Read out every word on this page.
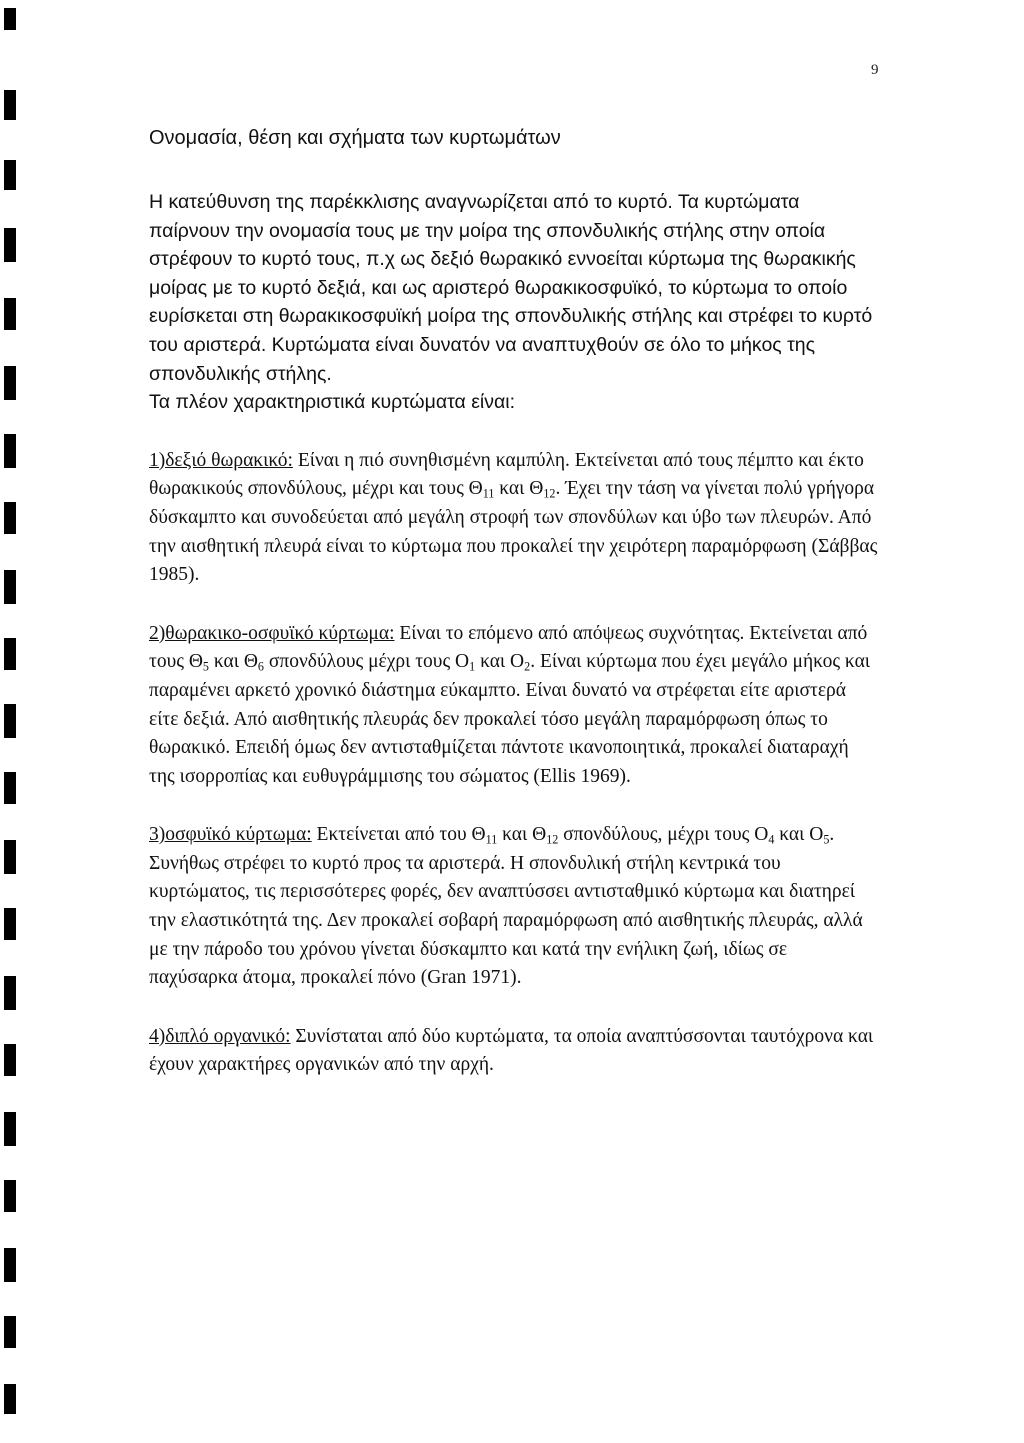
9
Ονομασία, θέση και σχήματα των κυρτωμάτων

Η κατεύθυνση της παρέκκλισης αναγνωρίζεται από το κυρτό. Τα κυρτώματα παίρνουν την ονομασία τους με την μοίρα της σπονδυλικής στήλης στην οποία στρέφουν το κυρτό τους, π.χ ως δεξιό θωρακικό εννοείται κύρτωμα της θωρακικής μοίρας με το κυρτό δεξιά, και ως αριστερό θωρακικοσφυϊκό, το κύρτωμα το οποίο ευρίσκεται στη θωρακικοσφυϊκή μοίρα της σπονδυλικής στήλης και στρέφει το κυρτό του αριστερά. Κυρτώματα είναι δυνατόν να αναπτυχθούν σε όλο το μήκος της σπονδυλικής στήλης.
Τα πλέον χαρακτηριστικά κυρτώματα είναι:

1)δεξιό θωρακικό: Είναι η πιό συνηθισμένη καμπύλη. Εκτείνεται από τους πέμπτο και έκτο θωρακικούς σπονδύλους, μέχρι και τους $\Theta_{11}$ και $\Theta_{12}$. Έχει την τάση να γίνεται πολύ γρήγορα δύσκαμπτο και συνοδεύεται από μεγάλη στροφή των σπονδύλων και ύβο των πλευρών. Από την αισθητική πλευρά είναι το κύρτωμα που προκαλεί την χειρότερη παραμόρφωση (Σάββας 1985).

2)θωρακικο-οσφυϊκό κύρτωμα: Είναι το επόμενο από απόψεως συχνότητας. Εκτείνεται από τους $\Theta_5$ και $\Theta_6$ σπονδύλους μέχρι τους $O_1$ και $O_2$. Είναι κύρτωμα που έχει μεγάλο μήκος και παραμένει αρκετό χρονικό διάστημα εύκαμπτο. Είναι δυνατό να στρέφεται είτε αριστερά είτε δεξιά. Από αισθητικής πλευράς δεν προκαλεί τόσο μεγάλη παραμόρφωση όπως το θωρακικό. Επειδή όμως δεν αντισταθμίζεται πάντοτε ικανοποιητικά, προκαλεί διαταραχή της ισορροπίας και ευθυγράμμισης του σώματος (Ellis 1969).

3)οσφυϊκό κύρτωμα: Εκτείνεται από του $\Theta_{11}$ και $\Theta_{12}$ σπονδύλους, μέχρι τους $O_4$ και $O_5$. Συνήθως στρέφει το κυρτό προς τα αριστερά. Η σπονδυλική στήλη κεντρικά του κυρτώματος, τις περισσότερες φορές, δεν αναπτύσσει αντισταθμικό κύρτωμα και διατηρεί την ελαστικότητά της. Δεν προκαλεί σοβαρή παραμόρφωση από αισθητικής πλευράς, αλλά με την πάροδο του χρόνου γίνεται δύσκαμπτο και κατά την ενήλικη ζωή, ιδίως σε παχύσαρκα άτομα, προκαλεί πόνο (Gran 1971).

4)διπλό οργανικό: Συνίσταται από δύο κυρτώματα, τα οποία αναπτύσσονται ταυτόχρονα και έχουν χαρακτήρες οργανικών από την αρχή.
